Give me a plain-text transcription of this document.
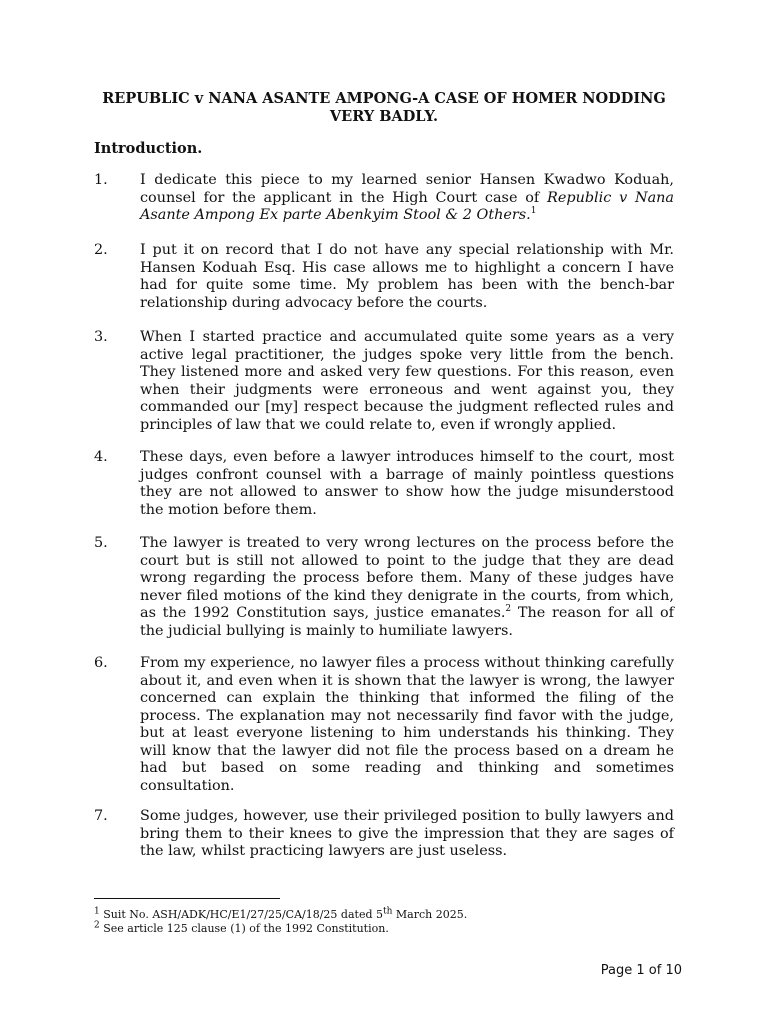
REPUBLIC v NANA ASANTE AMPONG-A CASE OF HOMER NODDING VERY BADLY.
Introduction.
1.	I dedicate this piece to my learned senior Hansen Kwadwo Koduah, counsel for the applicant in the High Court case of Republic v Nana Asante Ampong Ex parte Abenkyim Stool & 2 Others.$^1$
2.	I put it on record that I do not have any special relationship with Mr. Hansen Koduah Esq. His case allows me to highlight a concern I have had for quite some time. My problem has been with the bench-bar relationship during advocacy before the courts.
3.	When I started practice and accumulated quite some years as a very active legal practitioner, the judges spoke very little from the bench. They listened more and asked very few questions. For this reason, even when their judgments were erroneous and went against you, they commanded our [my] respect because the judgment reflected rules and principles of law that we could relate to, even if wrongly applied.
4.	These days, even before a lawyer introduces himself to the court, most judges confront counsel with a barrage of mainly pointless questions they are not allowed to answer to show how the judge misunderstood the motion before them.
5.	The lawyer is treated to very wrong lectures on the process before the court but is still not allowed to point to the judge that they are dead wrong regarding the process before them. Many of these judges have never filed motions of the kind they denigrate in the courts, from which, as the 1992 Constitution says, justice emanates.$^2$ The reason for all of the judicial bullying is mainly to humiliate lawyers.
6.	From my experience, no lawyer files a process without thinking carefully about it, and even when it is shown that the lawyer is wrong, the lawyer concerned can explain the thinking that informed the filing of the process. The explanation may not necessarily find favor with the judge, but at least everyone listening to him understands his thinking. They will know that the lawyer did not file the process based on a dream he had but based on some reading and thinking and sometimes consultation.
7.	Some judges, however, use their privileged position to bully lawyers and bring them to their knees to give the impression that they are sages of the law, whilst practicing lawyers are just useless.
$^1$ Suit No. ASH/ADK/HC/E1/27/25/CA/18/25 dated 5th March 2025.
$^2$ See article 125 clause (1) of the 1992 Constitution.
Page 1 of 10
